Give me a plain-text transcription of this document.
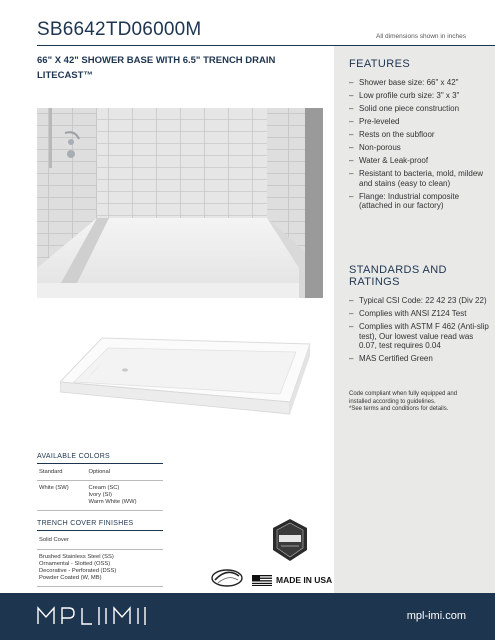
SB6642TD06000M	All dimensions shown in inches
66" X 42" SHOWER BASE WITH 6.5" TRENCH DRAIN LITECAST™
FEATURES
– Shower base size: 66" x 42"
– Low profile curb size: 3" x 3"
– Solid one piece construction
– Pre-leveled
– Rests on the subfloor
– Non-porous
– Water & Leak-proof
– Resistant to bacteria, mold, mildew and stains (easy to clean)
– Flange: Industrial composite (attached in our factory)
STANDARDS AND RATINGS
– Typical CSI Code: 22 42 23 (Div 22)
– Complies with ANSI Z124 Test
– Complies with ASTM F 462 (Anti-slip test), Our lowest value read was 0.07, test requires 0.04
– MAS Certified Green
Code compliant when fully equipped and installed according to guidelines.
*See terms and conditions for details.
AVAILABLE COLORS
Standard	Optional
White (SW)	Cream (SC)
Ivory (SI)
Warm White (WW)
TRENCH COVER FINISHES
Solid Cover
Brushed Stainless Steel (SS)
Ornamental - Slotted (OSS)
Decorative - Perforated (DSS)
Powder Coated (W, MB)	MADE IN USA
mpl-imi.com
